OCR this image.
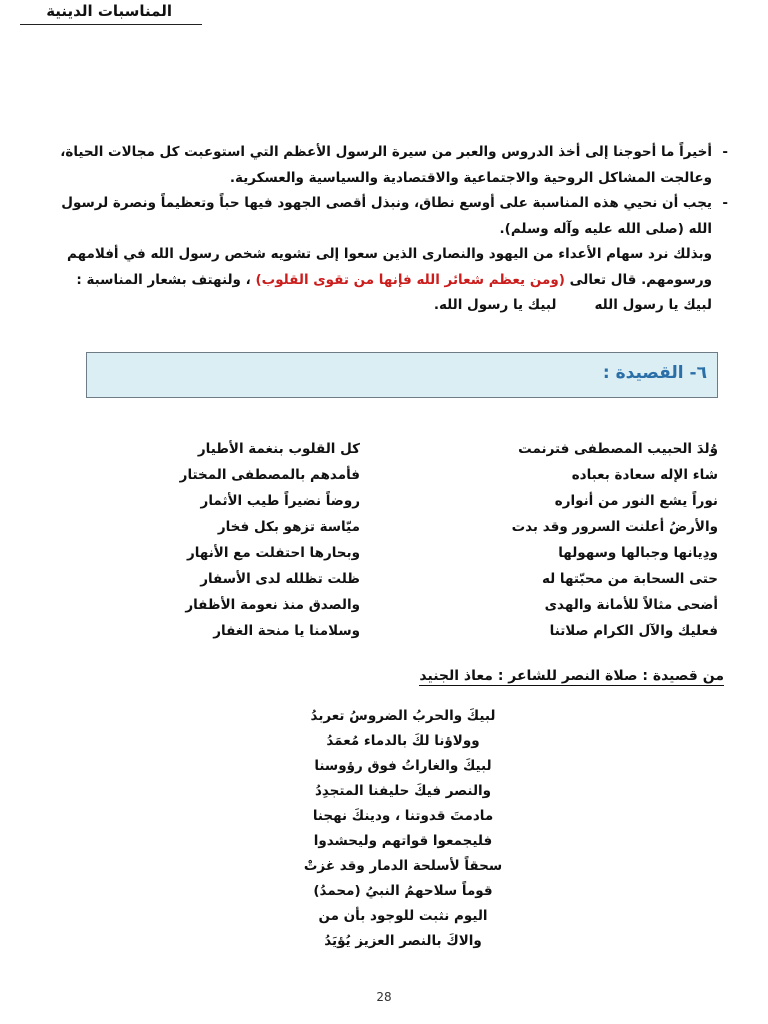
المناسبات الدينية

- أخيراً ما أحوجنا إلى أخذ الدروس والعبر من سيرة الرسول الأعظم التي استوعبت كل مجالات الحياة، وعالجت المشاكل الروحية والاجتماعية والاقتصادية والسياسية والعسكرية.

- يجب أن نحيي هذه المناسبة على أوسع نطاق، ونبذل أقصى الجهود فيها حباً وتعظيماً ونصرة لرسول الله (صلى الله عليه وآله وسلم).

وبذلك نرد سهام الأعداء من اليهود والنصارى الذين سعوا إلى تشويه شخص رسول الله في أفلامهم ورسومهم. قال تعالى (ومن يعظم شعائر الله فإنها من تقوى القلوب) ، ولنهتف بشعار المناسبة :

لبيك يا رسول اللهلبيك يا رسول الله.

٦- القصيدة :
وُلدَ الحبيب المصطفى فترنمت
كل القلوب بنغمة الأطيار
شاء الإله سعادة بعباده
فأمدهم بالمصطفى المختار
نوراً يشع النور من أنواره
روضاً نضيراً طيب الأثمار
والأرضُ أعلنت السرور وقد بدت
ميّاسة تزهو بكل فخار
ودِيانها وجبالها وسهولها
وبحارها احتفلت مع الأنهار
حتى السحابة من محبّتها له
ظلت تظلله لدى الأسفار
أضحى مثالاً للأمانة والهدى
والصدق منذ نعومة الأظفار
فعليك والآل الكرام صلاتنا
وسلامنا يا منحة الغفار
من قصيدة : صلاة النصر للشاعر : معاذ الجنيد
لبيكَ والحربُ الضروسُ تعربدُ
وولاؤنا لكَ بالدماء مُعمَدُ
لبيكَ والغاراتُ فوق رؤوسنا
والنصر فيكَ حليفنا المتجدِدُ
مادمتَ قدوتنا ، ودينكَ نهجنا
فليجمعوا قواتهم وليحشدوا
سحقاً لأسلحة الدمار وقد غزتْ
قوماً سلاحهمُ النبيُ (محمدُ)
اليوم نثبت للوجود بأن من
والاكَ بالنصر العزيز يُؤيَدُ
28
